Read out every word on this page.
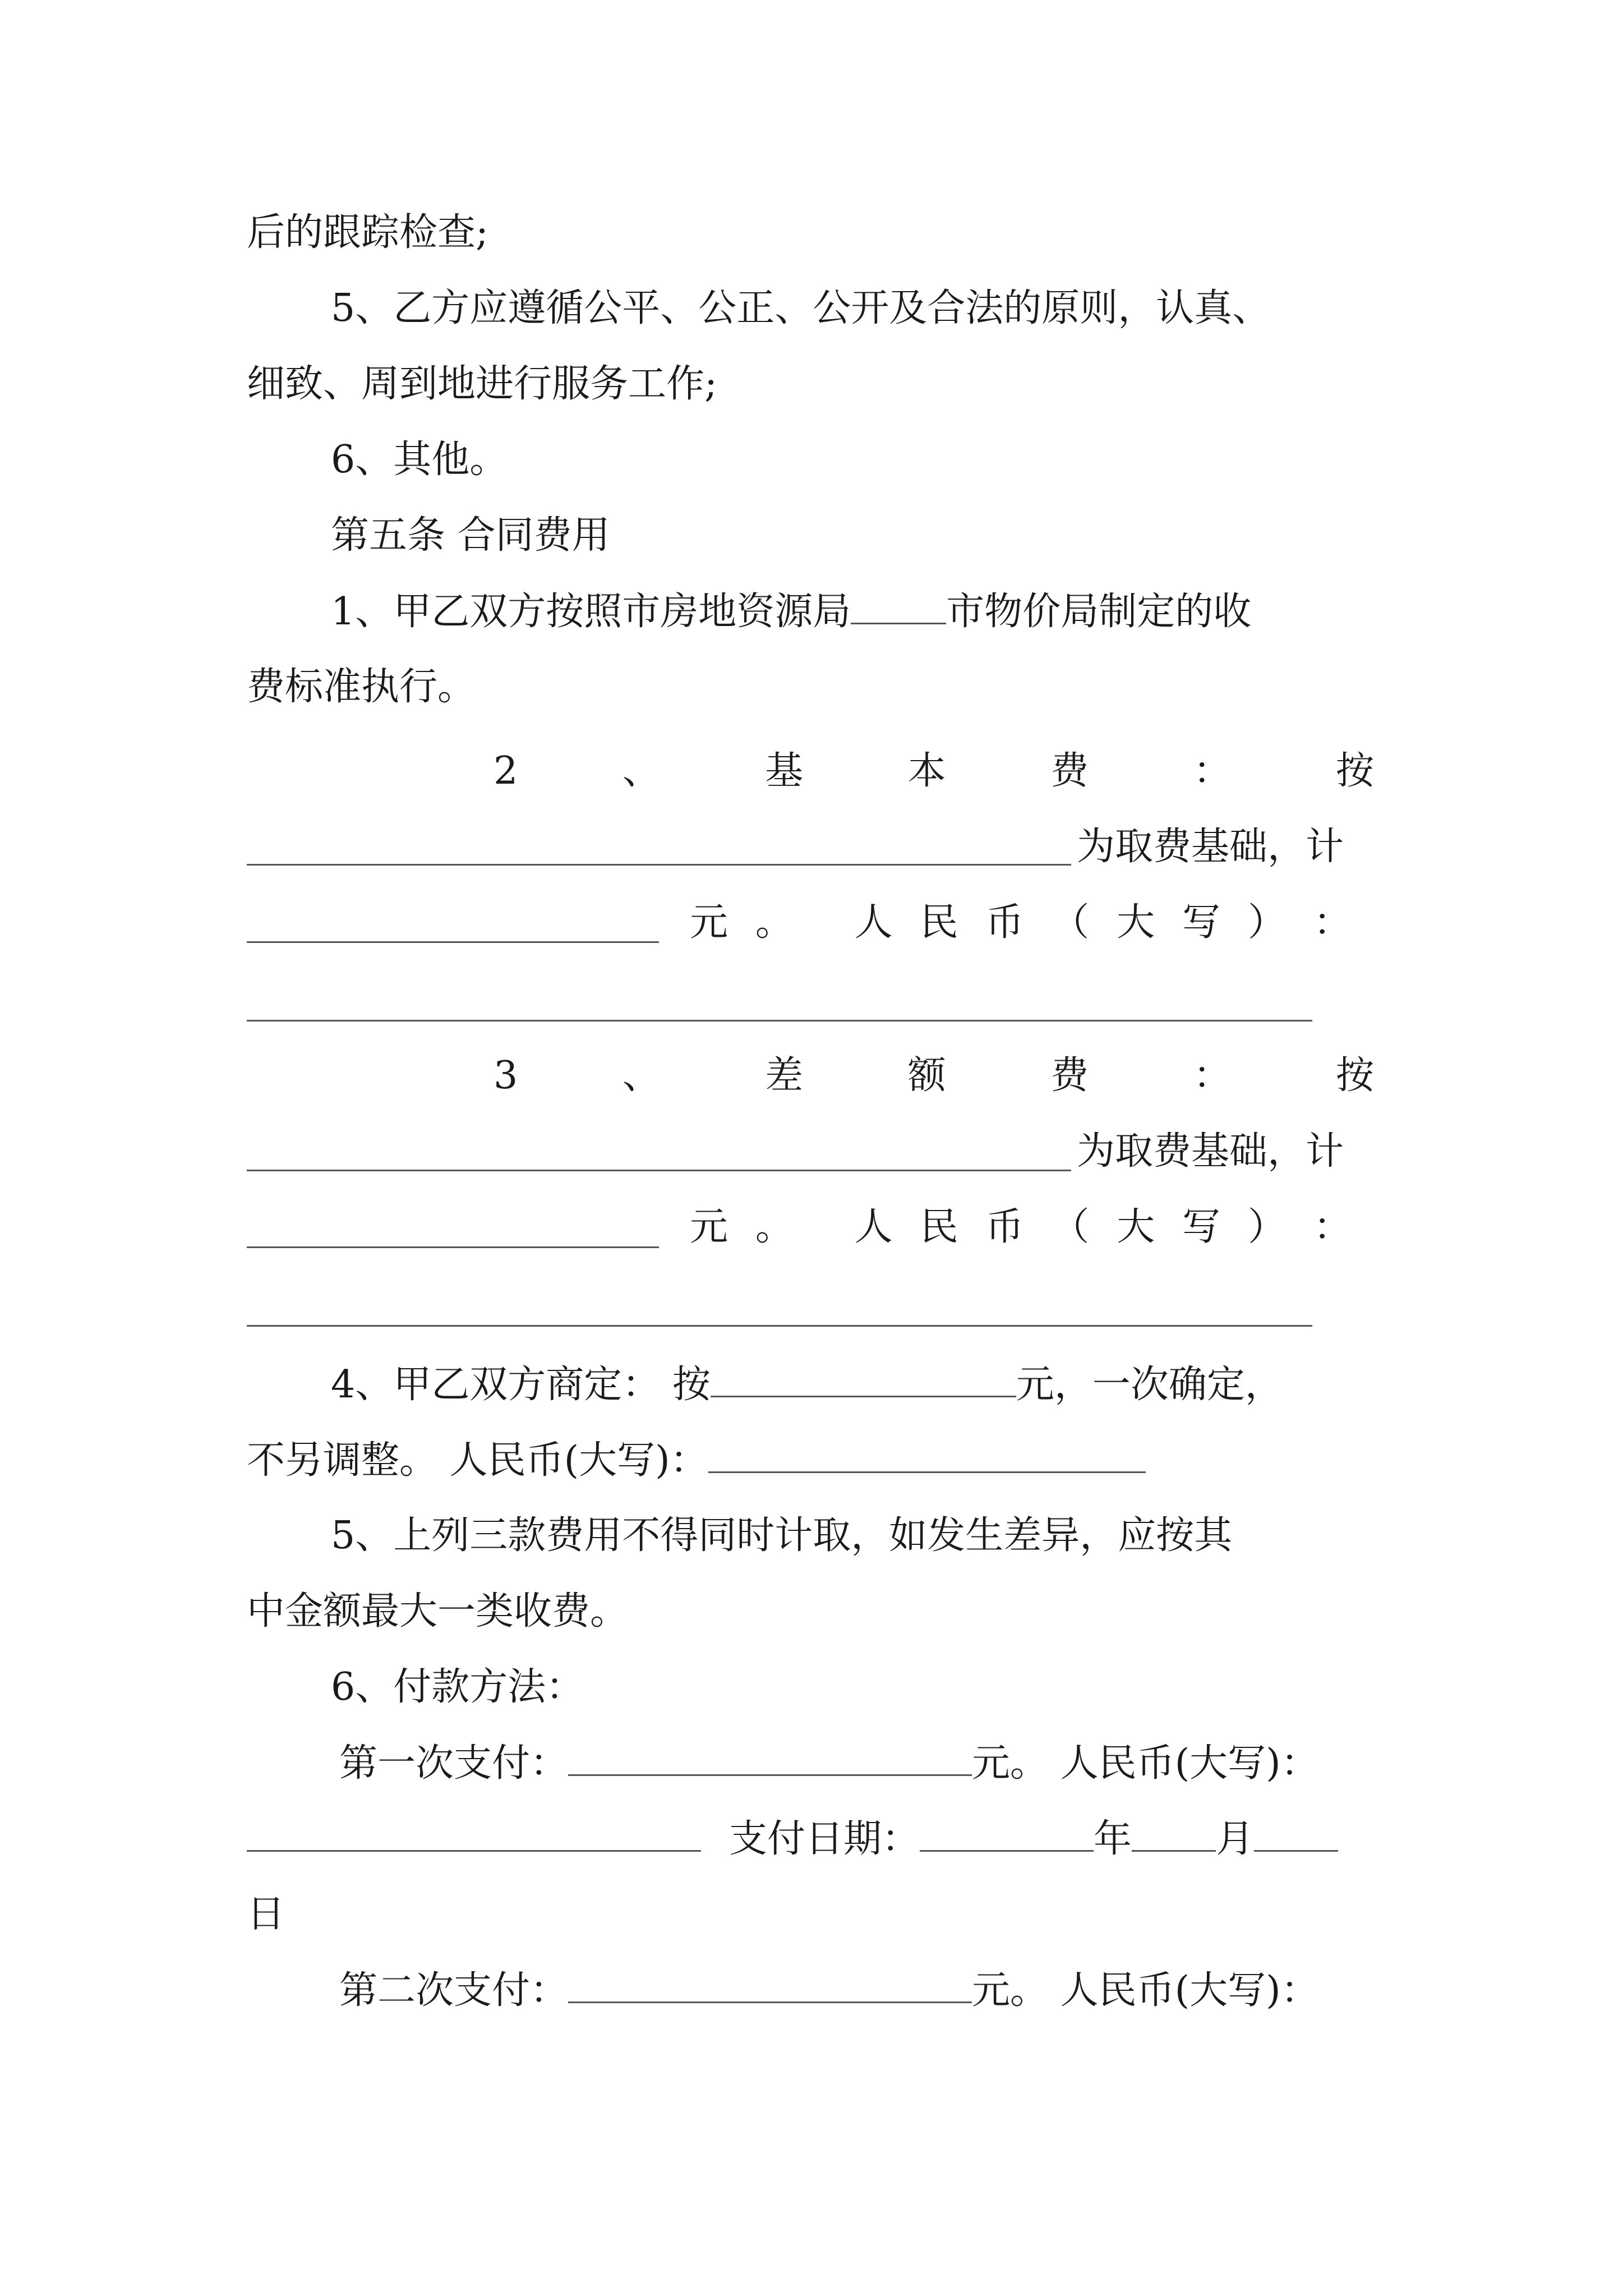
后的跟踪检查;
5、乙方应遵循公平、公正、公开及合法的原则，认真、
细致、周到地进行服务工作;
6、其他。
第五条 合同费用
1、甲乙双方按照市房地资源局	市物价局制定的收
费标准执行。
2	、	基	本	费	：	按
为取费基础，计
元 。 人 民 币 （ 大 写 ） ：
3	、	差	额	费	：	按
为取费基础，计
元 。 人 民 币 （ 大 写 ） ：
4、甲乙双方商定： 按	元，一次确定，
不另调整。 人民币(大写)：
5、上列三款费用不得同时计取，如发生差异，应按其
中金额最大一类收费。
6、付款方法：
第一次支付：	元。 人民币(大写)：
支付日期：	年 月
日
第二次支付：	元。 人民币(大写)：
